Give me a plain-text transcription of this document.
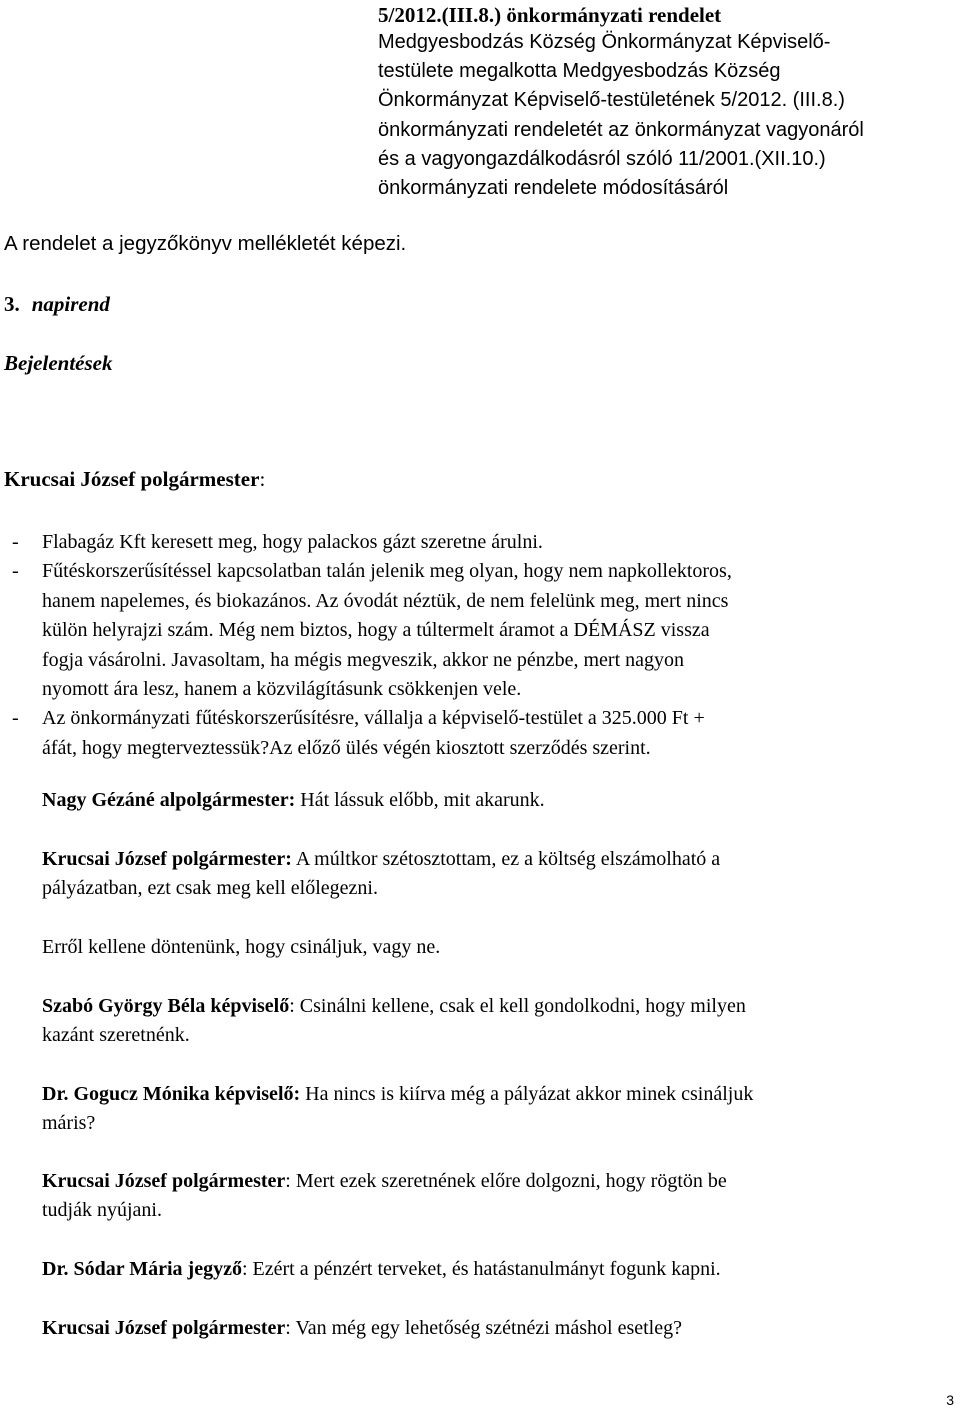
5/2012.(III.8.) önkormányzati rendelet
Medgyesbodzás Község Önkormányzat Képviselő-
testülete megalkotta Medgyesbodzás Község
Önkormányzat Képviselő-testületének 5/2012. (III.8.)
önkormányzati rendeletét az önkormányzat vagyonáról
és a vagyongazdálkodásról szóló 11/2001.(XII.10.)
önkormányzati rendelete módosításáról
A rendelet a jegyzőkönyv mellékletét képezi.
3. napirend
Bejelentések
Krucsai József polgármester:
- Flabagáz Kft keresett meg, hogy palackos gázt szeretne árulni.
- Fűtéskorszerűsítéssel kapcsolatban talán jelenik meg olyan, hogy nem napkollektoros,
hanem napelemes, és biokazános. Az óvodát néztük, de nem felelünk meg, mert nincs
külön helyrajzi szám. Még nem biztos, hogy a túltermelt áramot a DÉMÁSZ vissza
fogja vásárolni. Javasoltam, ha mégis megveszik, akkor ne pénzbe, mert nagyon
nyomott ára lesz, hanem a közvilágításunk csökkenjen vele.
- Az önkormányzati fűtéskorszerűsítésre, vállalja a képviselő-testület a 325.000 Ft +
áfát, hogy megterveztessük?Az előző ülés végén kiosztott szerződés szerint.
Nagy Gézáné alpolgármester: Hát lássuk előbb, mit akarunk.
Krucsai József polgármester: A múltkor szétosztottam, ez a költség elszámolható a
pályázatban, ezt csak meg kell előlegezni.
Erről kellene döntenünk, hogy csináljuk, vagy ne.
Szabó György Béla képviselő: Csinálni kellene, csak el kell gondolkodni, hogy milyen
kazánt szeretnénk.
Dr. Gogucz Mónika képviselő: Ha nincs is kiírva még a pályázat akkor minek csináljuk
máris?
Krucsai József polgármester: Mert ezek szeretnének előre dolgozni, hogy rögtön be
tudják nyújani.
Dr. Sódar Mária jegyző: Ezért a pénzért terveket, és hatástanulmányt fogunk kapni.
Krucsai József polgármester: Van még egy lehetőség szétnézi máshol esetleg?
3
